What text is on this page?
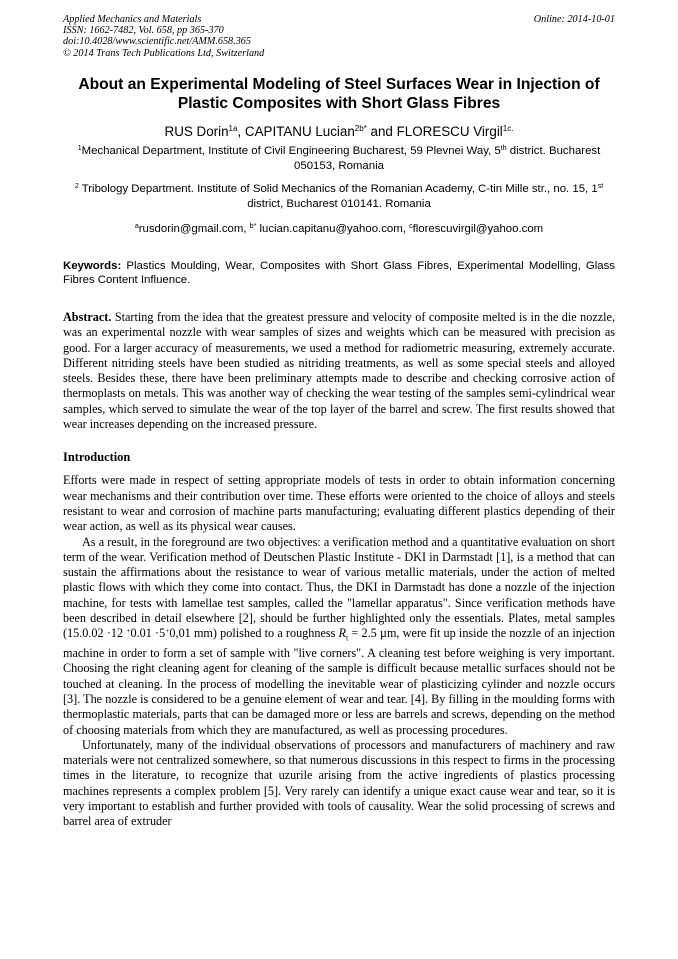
Applied Mechanics and Materials
ISSN: 1662-7482, Vol. 658, pp 365-370
doi:10.4028/www.scientific.net/AMM.658.365
© 2014 Trans Tech Publications Ltd, Switzerland
Online: 2014-10-01
About an Experimental Modeling of Steel Surfaces Wear in Injection of Plastic Composites with Short Glass Fibres
RUS Dorin$^{1a}$, CAPITANU Lucian$^{2b*}$ and FLORESCU Virgil$^{1c.}$
$^1$Mechanical Department, Institute of Civil Engineering Bucharest, 59 Plevnei Way, 5th district. Bucharest 050153, Romania
$^2$ Tribology Department. Institute of Solid Mechanics of the Romanian Academy, C-tin Mille str., no. 15, 1st district, Bucharest 010141. Romania
$^a$rusdorin@gmail.com, $^{b*}$ lucian.capitanu@yahoo.com, $^c$florescuvirgil@yahoo.com
Keywords: Plastics Moulding, Wear, Composites with Short Glass Fibres, Experimental Modelling, Glass Fibres Content Influence.
Abstract. Starting from the idea that the greatest pressure and velocity of composite melted is in the die nozzle, was an experimental nozzle with wear samples of sizes and weights which can be measured with precision as good. For a larger accuracy of measurements, we used a method for radiometric measuring, extremely accurate. Different nitriding steels have been studied as nitriding treatments, as well as some special steels and alloyed steels. Besides these, there have been preliminary attempts made to describe and checking corrosive action of thermoplasts on metals. This was another way of checking the wear testing of the samples semi-cylindrical wear samples, which served to simulate the wear of the top layer of the barrel and screw. The first results showed that wear increases depending on the increased pressure.
Introduction
Efforts were made in respect of setting appropriate models of tests in order to obtain information concerning wear mechanisms and their contribution over time. These efforts were oriented to the choice of alloys and steels resistant to wear and corrosion of machine parts manufacturing; evaluating different plastics depending of their wear action, as well as its physical wear causes.
As a result, in the foreground are two objectives: a verification method and a quantitative evaluation on short term of the wear. Verification method of Deutschen Plastic Institute - DKI in Darmstadt [1], is a method that can sustain the affirmations about the resistance to wear of various metallic materials, under the action of melted plastic flows with which they come into contact. Thus, the DKI in Darmstadt has done a nozzle of the injection machine, for tests with lamellae test samples, called the "lamellar apparatus". Since verification methods have been described in detail elsewhere [2], should be further highlighted only the essentials. Plates, metal samples (15.0.02 ·12 +0.01 ·5+0,01 mm) polished to a roughness $R_t = 2.5$ µm, were fit up inside the nozzle of an injection machine in order to form a set of sample with "live corners". A cleaning test before weighing is very important. Choosing the right cleaning agent for cleaning of the sample is difficult because metallic surfaces should not be touched at cleaning. In the process of modelling the inevitable wear of plasticizing cylinder and nozzle occurs [3]. The nozzle is considered to be a genuine element of wear and tear. [4]. By filling in the moulding forms with thermoplastic materials, parts that can be damaged more or less are barrels and screws, depending on the method of choosing materials from which they are manufactured, as well as processing procedures.
Unfortunately, many of the individual observations of processors and manufacturers of machinery and raw materials were not centralized somewhere, so that numerous discussions in this respect to firms in the processing times in the literature, to recognize that uzurile arising from the active ingredients of plastics processing machines represents a complex problem [5]. Very rarely can identify a unique exact cause wear and tear, so it is very important to establish and further provided with tools of causality. Wear the solid processing of screws and barrel area of extruder
